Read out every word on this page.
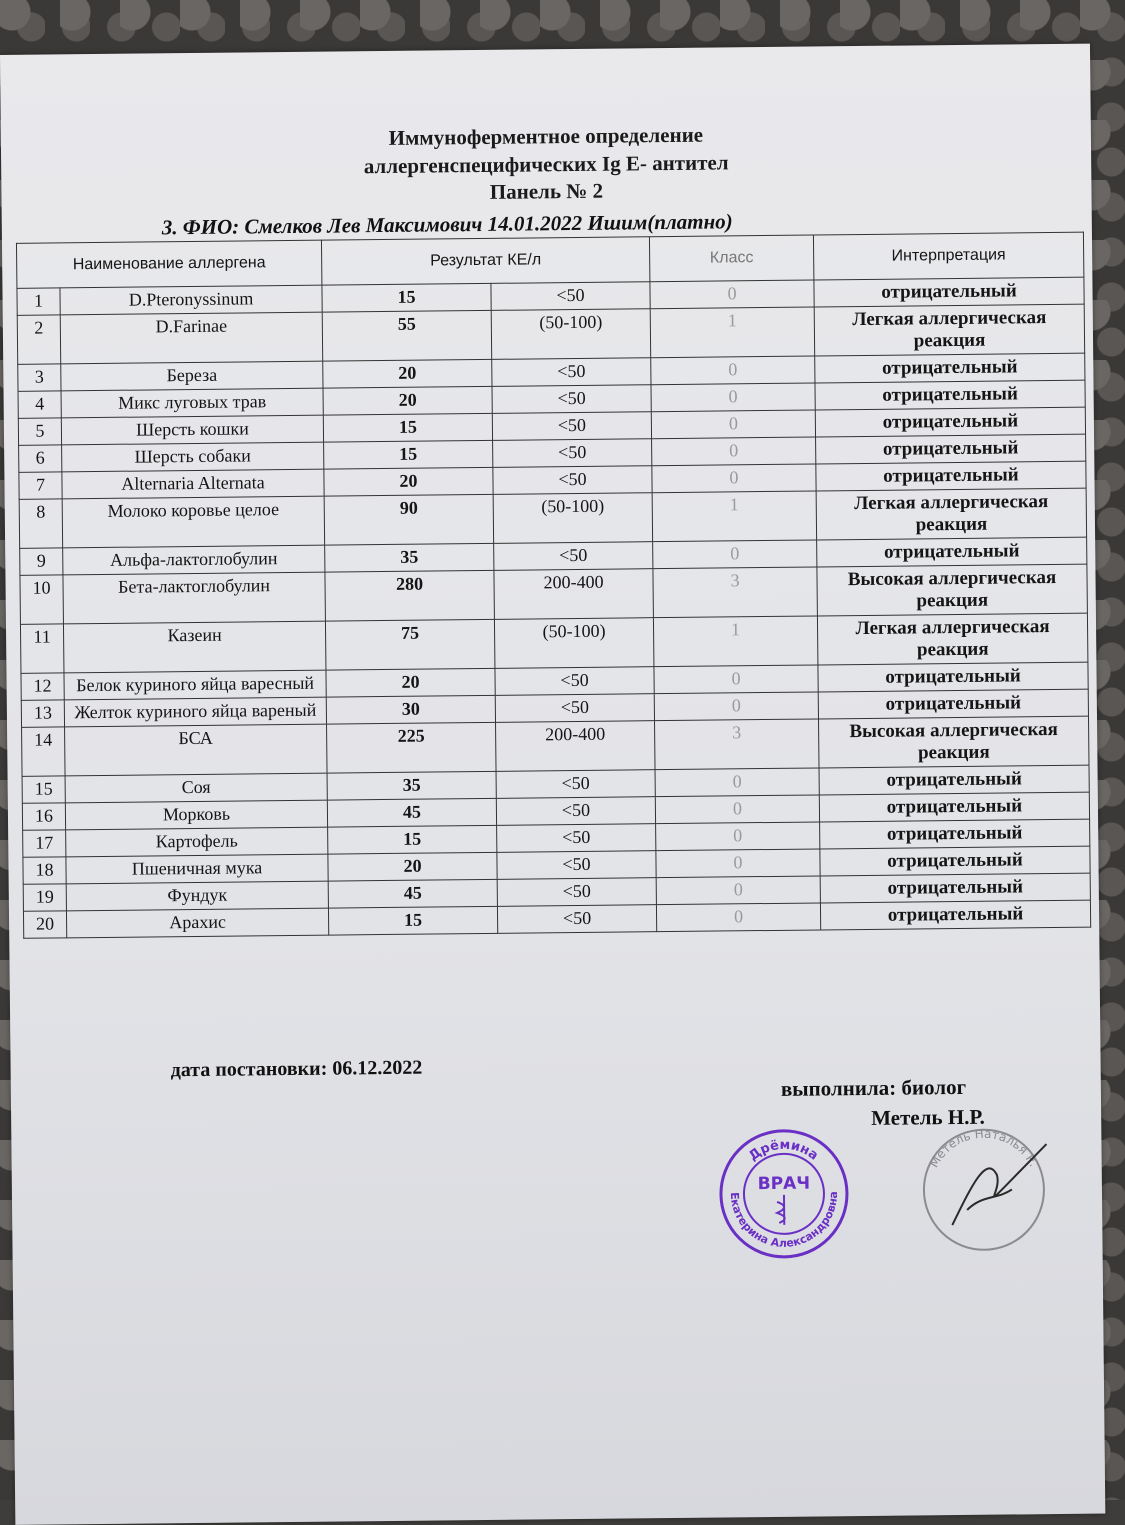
Иммуноферментное определение
аллергенспецифических Ig E- антител
Панель № 2
3. ФИО: Смелков Лев Максимович 14.01.2022 Ишим(платно)
Наименование аллергена		Результат КЕ/л		Класс	Интерпретация
1	D.Pteronyssinum	15	<50	0	отрицательный
2	D.Farinae	55	(50-100)	1	Легкая аллергическая реакция
3	Береза	20	<50	0	отрицательный
4	Микс луговых трав	20	<50	0	отрицательный
5	Шерсть кошки	15	<50	0	отрицательный
6	Шерсть собаки	15	<50	0	отрицательный
7	Alternaria Alternata	20	<50	0	отрицательный
8	Молоко коровье целое	90	(50-100)	1	Легкая аллергическая реакция
9	Альфа-лактоглобулин	35	<50	0	отрицательный
10	Бета-лактоглобулин	280	200-400	3	Высокая аллергическая реакция
11	Казеин	75	(50-100)	1	Легкая аллергическая реакция
12	Белок куриного яйца варесный	20	<50	0	отрицательный
13	Желток куриного яйца вареный	30	<50	0	отрицательный
14	БСА	225	200-400	3	Высокая аллергическая реакция
15	Соя	35	<50	0	отрицательный
16	Морковь	45	<50	0	отрицательный
17	Картофель	15	<50	0	отрицательный
18	Пшеничная мука	20	<50	0	отрицательный
19	Фундук	45	<50	0	отрицательный
20	Арахис	15	<50	0	отрицательный
дата постановки: 06.12.2022
выполнила: биолог
Метель Н.Р.
Дрёмина
Екатерина Александровна
ВРАЧ
Метель Наталья Р.
